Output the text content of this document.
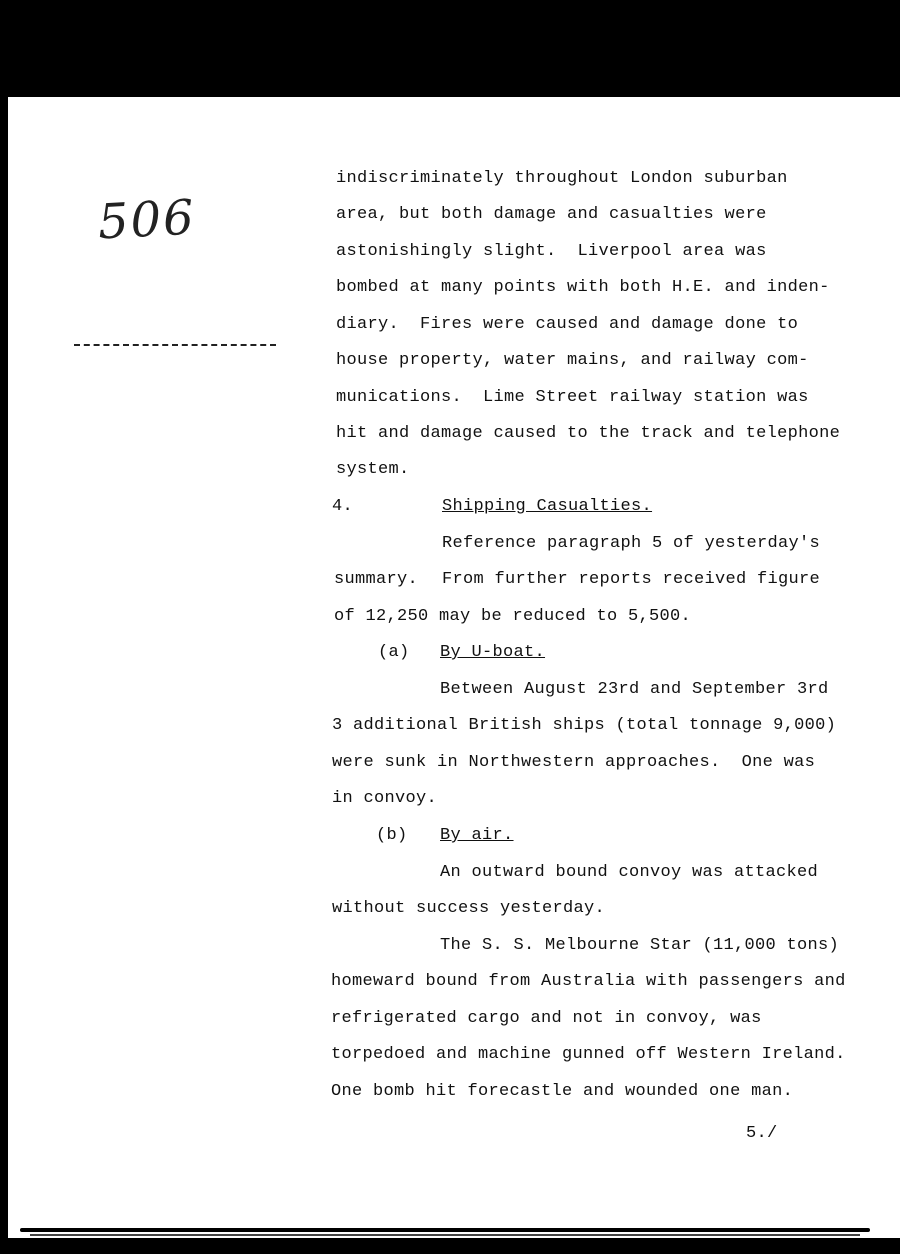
506
indiscriminately throughout London suburban
area, but both damage and casualties were
astonishingly slight.  Liverpool area was
bombed at many points with both H.E. and inden-
diary.  Fires were caused and damage done to
house property, water mains, and railway com-
munications.  Lime Street railway station was
hit and damage caused to the track and telephone
system.
4.	Shipping Casualties.
Reference paragraph 5 of yesterday's
summary. From further reports received figure
of 12,250 may be reduced to 5,500.
(a) By U-boat.
Between August 23rd and September 3rd
3 additional British ships (total tonnage 9,000)
were sunk in Northwestern approaches.  One was
in convoy.
(b) By air.
An outward bound convoy was attacked
without success yesterday.
The S. S. Melbourne Star (11,000 tons)
homeward bound from Australia with passengers and
refrigerated cargo and not in convoy, was
torpedoed and machine gunned off Western Ireland.
One bomb hit forecastle and wounded one man.
5./
